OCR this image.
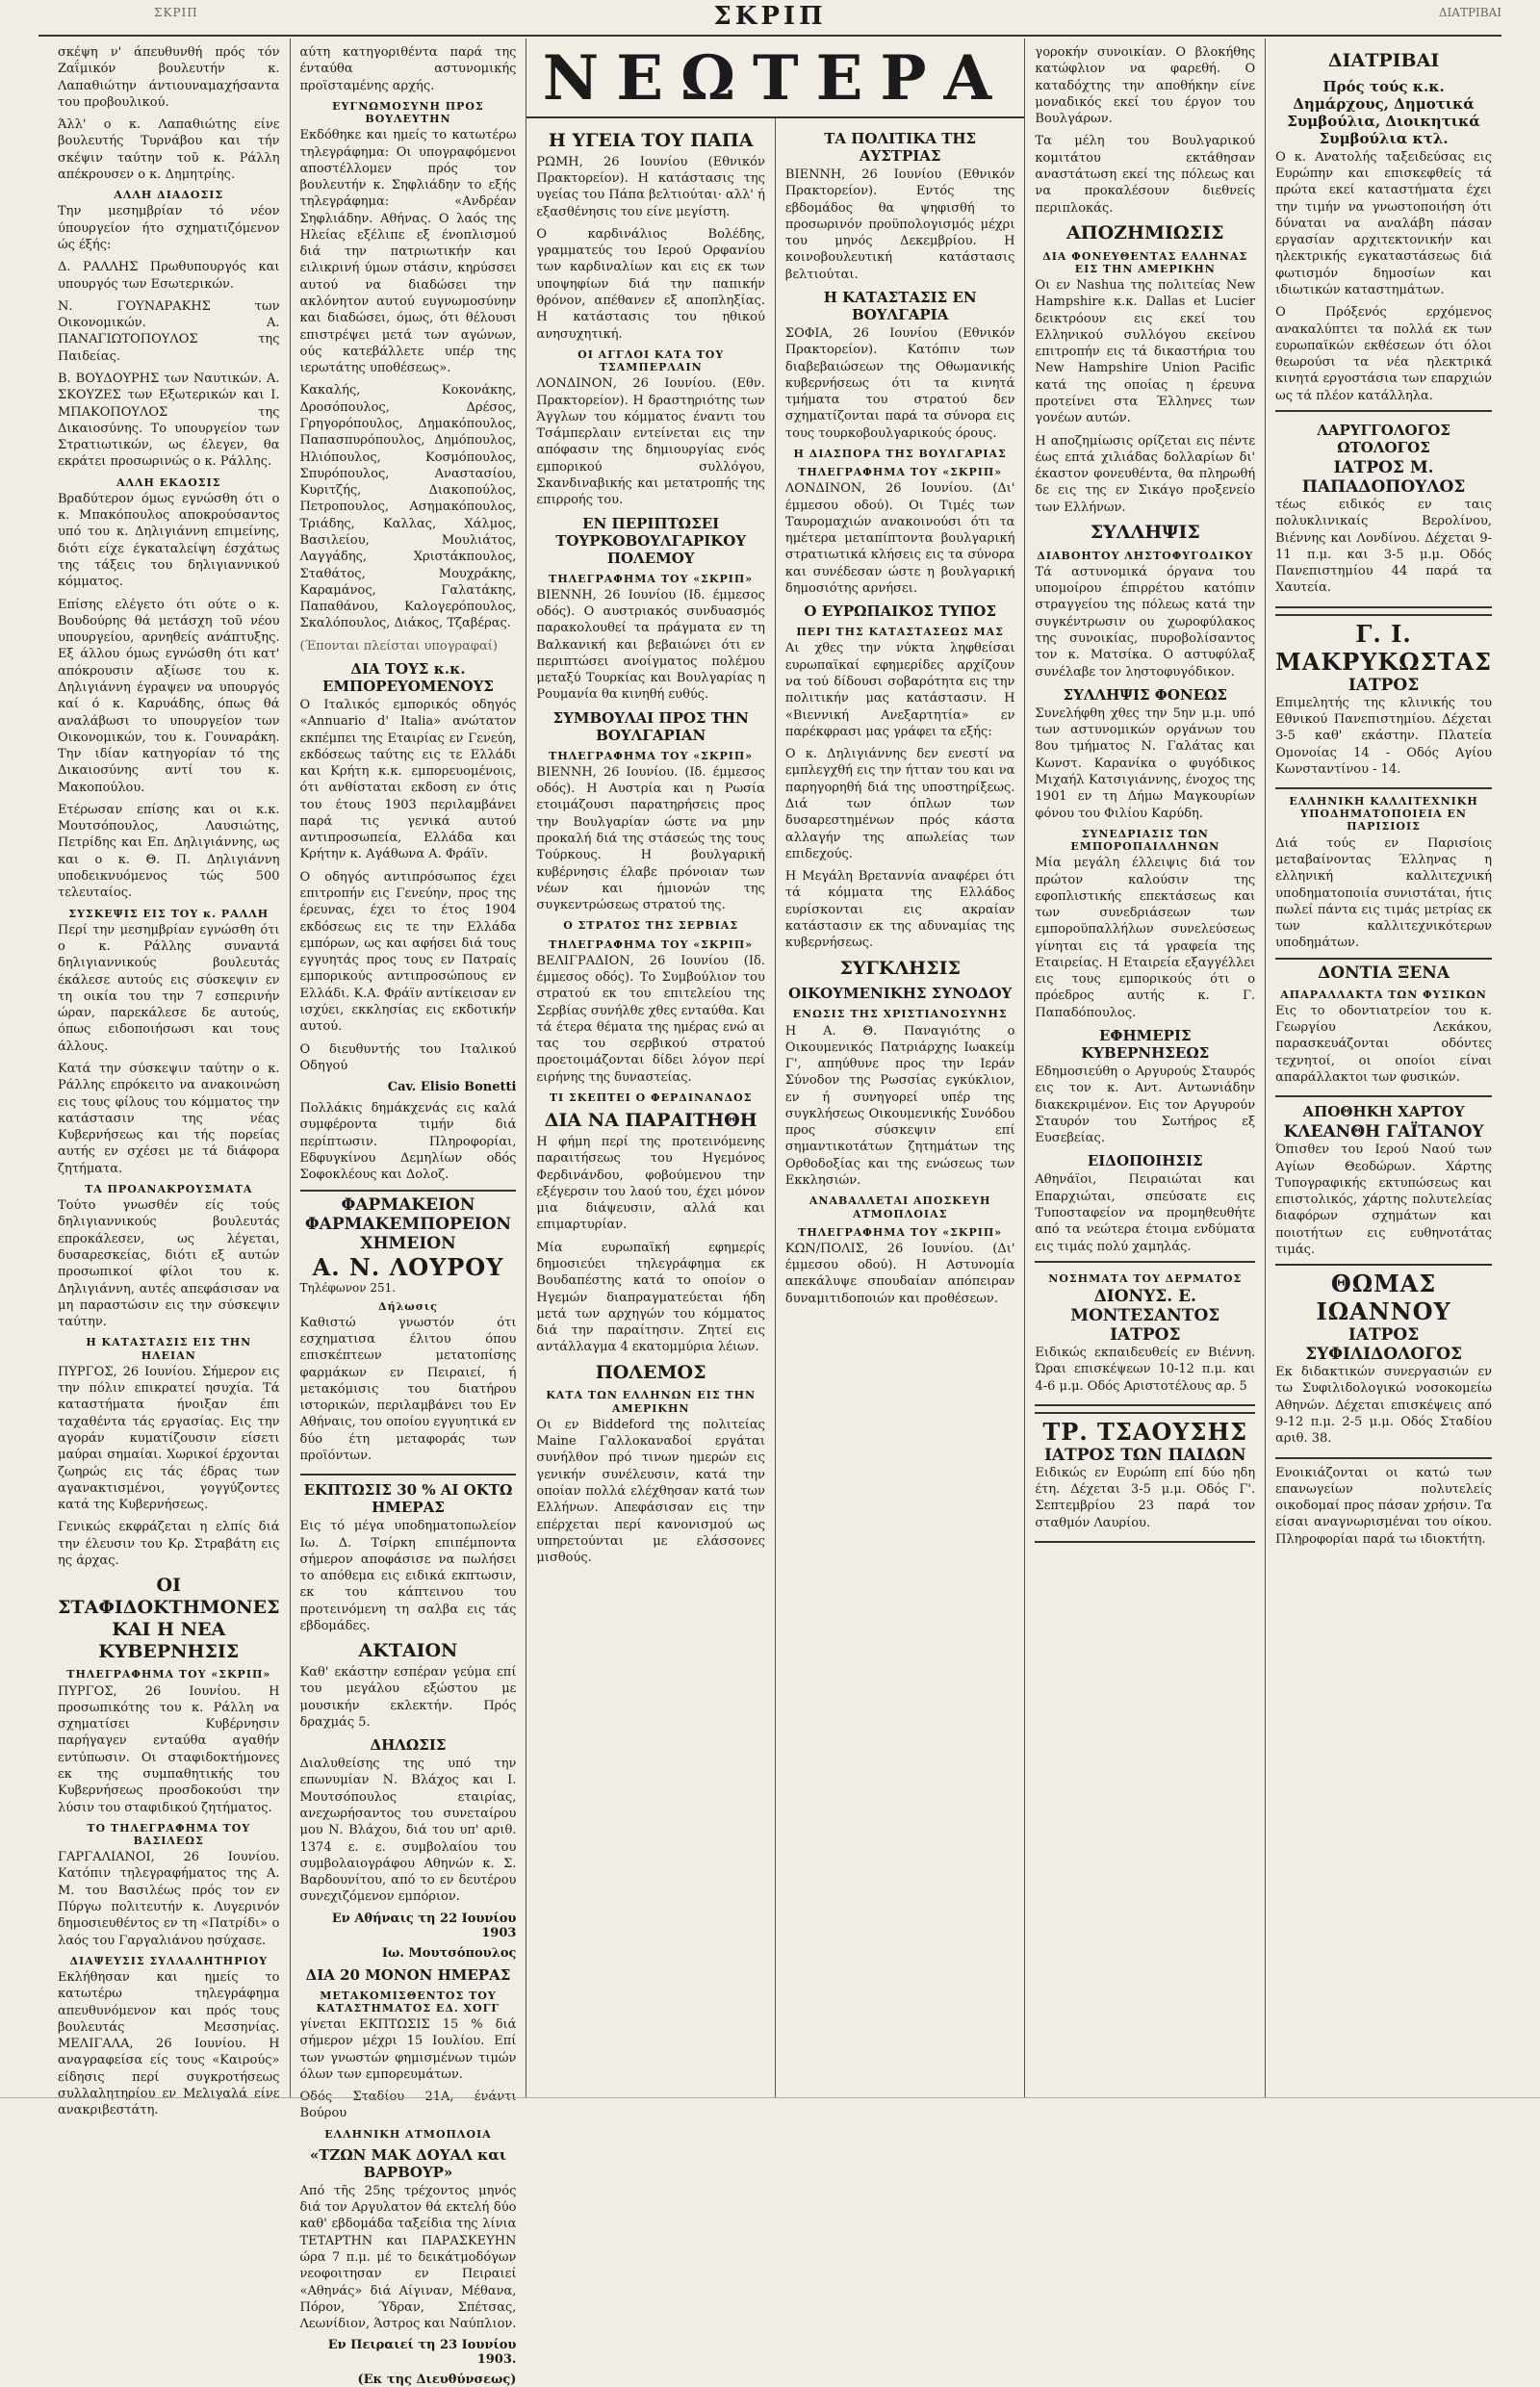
ΣΚΡΙΠ	ΣΚΡΙΠ	ΔΙΑΤΡΙΒΑΙ

σκέψη ν' άπευθυνθή πρός τόν Ζαΐμικόν βουλευτήν κ. Λαπαθιώτην άντιουναμαχήσαντα του προβουλικού.

Άλλ' ο κ. Λαπαθιώτης είνε βουλευτής Τυρνάβου και τήν σκέψιν ταύτην τοῦ κ. Ράλλη απέκρουσεν ο κ. Δημητρίης.

ΑΛΛΗ ΔΙΑΔΟΣΙΣ

Την μεσημβρίαν τό νέον ύπουργείον ήτο σχηματιζόμενον ώς έξής:

Δ. ΡΑΛΛΗΣ Πρωθυπουργός και υπουργός των Εσωτερικών.

Ν. ΓΟΥΝΑΡΑΚΗΣ των Οικονομικών. Α. ΠΑΝΑΓΙΩΤΟΠΟΥΛΟΣ της Παιδείας.

Β. ΒΟΥΔΟΥΡΗΣ των Ναυτικών. Α. ΣΚΟΥΖΕΣ των Εξωτερικών και Ι. ΜΠΑΚΟΠΟΥΛΟΣ της Δικαιοσύνης. Το υπουργείον των Στρατιωτικών, ως έλεγεν, θα εκράτει προσωρινώς ο κ. Ράλλης.

ΑΛΛΗ ΕΚΔΟΣΙΣ

Βραδύτερον όμως εγνώσθη ότι ο κ. Μπακόπουλος αποκρούσαντος υπό του κ. Δηλιγιάννη επιμείνης, διότι είχε έγκαταλείψη έσχάτως της τάξεις του δηλιγιαννικού κόμματος.

Επίσης ελέγετο ότι ούτε ο κ. Βουδούρης θά μετάσχη τοῦ νέου υπουργείου, αρνηθείς ανάπτυξης. Εξ άλλου όμως εγνώσθη ότι κατ' απόκρουσιν αξίωσε του κ. Δηλιγιάννη έγραψεν να υπουργός καί ό κ. Καρυάδης, όπως θά αναλάβωσι το υπουργείον των Οικονομικών, του κ. Γουναράκη. Την ιδίαν κατηγορίαν τό της Δικαιοσύνης αντί του κ. Μακοπούλου.

Ετέρωσαν επίσης και οι κ.κ. Μουτσόπουλος, Λαυσιώτης, Πετρίδης και Επ. Δηλιγιάννης, ως και ο κ. Θ. Π. Δηλιγιάννη υποδεικνυόμενος τώς 500 τελευταίος.

ΣΥΣΚΕΨΙΣ ΕΙΣ ΤΟΥ κ. ΡΑΛΛΗ

Περί την μεσημβρίαν εγνώσθη ότι ο κ. Ράλλης συναντά δηλιγιαννικούς βουλευτάς έκάλεσε αυτούς εις σύσκεψιν εν τη οικία του την 7 εσπερινήν ώραν, παρεκάλεσε δε αυτούς, όπως ειδοποιήσωσι και τους άλλους.

Κατά την σύσκεψιν ταύτην ο κ. Ράλλης επρόκειτο να ανακοινώση εις τους φίλους του κόμματος την κατάστασιν της νέας Κυβερνήσεως και τής πορείας αυτής εν σχέσει με τά διάφορα ζητήματα.

ΤΑ ΠΡΟΑΝΑΚΡΟΥΣΜΑΤΑ

Τούτο γνωσθέν είς τούς δηλιγιαννικούς βουλευτάς επροκάλεσεν, ως λέγεται, δυσαρεσκείας, διότι εξ αυτών προσωπικοί φίλοι του κ. Δηλιγιάννη, αυτές απεφάσισαν να μη παραστώσιν εις την σύσκεψιν ταύτην.

Η ΚΑΤΑΣΤΑΣΙΣ ΕΙΣ ΤΗΝ ΗΛΕΙΑΝ

ΠΥΡΓΟΣ, 26 Ιουνίου. Σήμερον εις την πόλιν επικρατεί ησυχία. Τά καταστήματα ήνοιξαν έπι ταχαθέντα τάς εργασίας. Εις την αγοράν κυματίζουσιν είσετι μαύραι σημαίαι. Χωρικοί έρχονται ζωηρώς εις τάς έδρας των αγανακτισμένοι, γογγύζοντες κατά της Κυβερνήσεως.

Γενικώς εκφράζεται η ελπίς διά την έλευσιν του Κρ. Στραβάτη εις ης άρχας.

ΟΙ ΣΤΑΦΙΔΟΚΤΗΜΟΝΕΣ ΚΑΙ Η ΝΕΑ ΚΥΒΕΡΝΗΣΙΣ
ΤΗΛΕΓΡΑΦΗΜΑ ΤΟΥ «ΣΚΡΙΠ»

ΠΥΡΓΟΣ, 26 Ιουνίου. Η προσωπικότης του κ. Ράλλη να σχηματίσει Κυβέρνησιν παρήγαγεν ενταύθα αγαθήν εντύπωσιν. Οι σταφιδοκτήμονες εκ της συμπαθητικής του Κυβερνήσεως προσδοκούσι την λύσιν του σταφιδικού ζητήματος.

ΤΟ ΤΗΛΕΓΡΑΦΗΜΑ ΤΟΥ ΒΑΣΙΛΕΩΣ

ΓΑΡΓΑΛΙΑΝΟΙ, 26 Ιουνίου. Κατόπιν τηλεγραφήματος της Α. Μ. του Βασιλέως πρός τον εν Πύργω πολιτευτήν κ. Λυγερινόν δημοσιευθέντος εν τη «Πατρίδι» ο λαός του Γαργαλιάνου ησύχασε.

ΔΙΑΨΕΥΣΙΣ ΣΥΛΛΑΛΗΤΗΡΙΟΥ

Εκλήθησαν και ημείς το κατωτέρω τηλεγράφημα απευθυνόμενον και πρός τους βουλευτάς Μεσσηνίας. ΜΕΛΙΓΑΛΑ, 26 Ιουνίου. Η αναγραφείσα είς τους «Καιρούς» είδησις περί συγκροτήσεως συλλαλητηρίου εν Μελιγαλά είνε ανακριβεστάτη.

αύτη κατηγοριθέντα παρά της ένταύθα αστυνομικής προϊσταμένης αρχής.

ΕΥΓΝΩΜΟΣΥΝΗ ΠΡΟΣ ΒΟΥΛΕΥΤΗΝ

Εκδόθηκε και ημείς το κατωτέρω τηλεγράφημα: Οι υπογραφόμενοι αποστέλλομεν πρός τον βουλευτήν κ. Σηφλιάδην το εξής τηλεγράφημα: «Ανδρέαν Σηφλιάδην. Αθήνας. Ο λαός της Ηλείας εξέλιπε εξ ένοπλισμού διά την πατριωτικήν και ειλικρινή ύμων στάσιν, κηρύσσει αυτού να διαδώσει την ακλόνητον αυτού ευγνωμοσύνην και διαδώσει, όμως, ότι θέλουσι επιστρέψει μετά των αγώνων, ούς κατεβάλλετε υπέρ της ιερωτάτης υποθέσεως».

Κακαλής, Κοκονάκης, Δροσόπουλος, Δρέσος, Γρηγορόπουλος, Δημακόπουλος, Παπασπυρόπουλος, Δημόπουλος, Ηλιόπουλος, Κοσμόπουλος, Σπυρόπουλος, Αναστασίου, Κυριτζής, Διακοπούλος, Πετροπουλος, Ασημακόπουλος, Τριάδης, Καλλας, Χάλμος, Βασιλείου, Μουλιάτος, Λαγγάδης, Χριστάκπουλος, Σταθάτος, Μουχράκης, Καραμάνος, Γαλατάκης, Παπαθάνου, Καλογερόπουλος, Σκαλόπουλος, Διάκος, Τζαβέρας.

(Έπονται πλείσται υπογραφαί)

ΔΙΑ ΤΟΥΣ κ.κ. ΕΜΠΟΡΕΥΟΜΕΝΟΥΣ

Ο Ιταλικός εμπορικός οδηγός «Annuario d' Italia» ανώτατον εκπέμπει της Εταιρίας εν Γενεύη, εκδόσεως ταύτης εις τε Ελλάδι και Κρήτη κ.κ. εμπορευομένοις, ότι ανθίσταται εκδοση εν ότις του έτους 1903 περιλαμβάνει παρά τις γενικά αυτού αντιπροσωπεία, Ελλάδα και Κρήτην κ. Αγάθωνα Α. Φράϊν.

Ο οδηγός αντιπρόσωπος έχει επιτροπήν εις Γενεύην, προς της έρευνας, έχει το έτος 1904 εκδόσεως εις τε την Ελλάδα εμπόρων, ως και αφήσει διά τους εγγυητάς προς τους εν Πατραίς εμπορικούς αντιπροσώπους εν Ελλάδι. Κ.Α. Φράϊν αντίκεισαν εν ισχύει, εκκλησίας εις εκδοτικήν αυτού.

Ο διευθυντής του Ιταλικού Οδηγού

Cav. Elisio Bonetti

Πολλάκις δημάκχενάς εις καλά συμφέροντα τιμήν διά περίπτωσιν. Πληροφορίαι, Εδφυγκίνου Δεμηλίων οδός Σοφοκλέους και Δολοζ.

ΦΑΡΜΑΚΕΙΟΝ
ΦΑΡΜΑΚΕΜΠΟΡΕΙΟΝ
ΧΗΜΕΙΟΝ
Α. Ν. ΛΟΥΡΟΥ
Τηλέφωνον 251.
Δήλωσις

Καθιστώ γνωστόν ότι εσχηματισα έλιτου όπου επισκέπτεων μετατοπίσης φαρμάκων εν Πειραιεί, ή μετακόμισις του διατήρου ιστορικών, περιλαμβάνει του Εν Αθήναις, του οποίου εγγυητικά εν δύο έτη μεταφοράς των προϊόντων.

ΕΚΠΤΩΣΙΣ 30 % ΑΙ ΟΚΤΩ ΗΜΕΡΑΣ

Εις τό μέγα υποδηματοπωλείον Ιω. Δ. Τσίρκη επιπέμποντα σήμερον αποφάσισε να πωλήσει το απόθεμα εις ειδικά εκπτωσιν, εκ του κάπτεινου του προτεινόμενη τη σαλβα εις τάς εβδομάδες.

ΑΚΤΑΙΟΝ

Καθ' εκάστην εσπέραν γεύμα επί του μεγάλου εξώστου με μουσικήν εκλεκτήν. Πρός δραχμάς 5.

ΔΗΛΩΣΙΣ

Διαλυθείσης της υπό την επωνυμίαν Ν. Βλάχος και Ι. Μουτσόπουλος εταιρίας, ανεχωρήσαντος του συνεταίρου μου Ν. Βλάχου, διά του υπ' αριθ. 1374 ε. ε. συμβολαίου του συμβολαιογράφου Αθηνών κ. Σ. Βαρδουνίτου, από το εν δευτέρου συνεχιζόμενον εμπόριον.

Εν Αθήναις τη 22 Ιουνίου 1903
Ιω. Μουτσόπουλος
ΔΙΑ 20 ΜΟΝΟΝ ΗΜΕΡΑΣ
ΜΕΤΑΚΟΜΙΣΘΕΝΤΟΣ ΤΟΥ ΚΑΤΑΣΤΗΜΑΤΟΣ ΕΔ. ΧΟΓΓ

γίνεται ΕΚΠΤΩΣΙΣ 15 % διά σήμερον μέχρι 15 Ιουλίου. Επί των γνωστών φημισμένων τιμών όλων των εμπορευμάτων.

Οδός Σταδίου 21Α, ένάντι Βούρου

ΕΛΛΗΝΙΚΗ ΑΤΜΟΠΛΟΙΑ
«ΤΖΩΝ ΜΑΚ ΔΟΥΑΛ και ΒΑΡΒΟΥΡ»

Από τῆς 25ης τρέχοντος μηνός διά τον Αργυλατον θά εκτελή δύο καθ' εβδομάδα ταξείδια της λίνια TETAPTHN και ΠΑΡΑΣΚΕΥΗΝ ώρα 7 π.μ. μέ το δεικάτμοδόγων νεοφοιτησαν εν Πειραιεί «Αθηνάς» διά Αίγιναν, Μέθανα, Πόρον, Ύδραν, Σπέτσας, Λεωνίδιον, Άστρος και Ναύπλιον.

Εν Πειραιεί τη 23 Ιουνίου 1903.
(Εκ της Διευθύνσεως)
ΝΕΩΤΕΡΑ
Η ΥΓΕΙΑ ΤΟΥ ΠΑΠΑ

ΡΩΜΗ, 26 Ιουνίου (Εθνικόν Πρακτορείον). Η κατάστασις της υγείας του Πάπα βελτιούται· αλλ' ή εξασθένησις του είνε μεγίστη.

Ο καρδινάλιος Βολέδης, γραμματεύς του Ιερού Ορφανίου των καρδιναλίων και εις εκ των υποψηφίων διά την παπικήν θρόνον, απέθανεν εξ αποπληξίας. Η κατάστασις του ηθικού ανησυχητική.

ΟΙ ΑΓΓΛΟΙ ΚΑΤΑ ΤΟΥ ΤΣΑΜΠΕΡΛΑΙΝ

ΛΟΝΔΙΝΟΝ, 26 Ιουνίου. (Εθν. Πρακτορείον). Η δραστηριότης των Άγγλων του κόμματος έναντι του Τσάμπερλαιν εντείνεται εις την απόφασιν της δημιουργίας ενός εμπορικού συλλόγου, Σκανδιναβικής και μετατροπής της επιρροής του.

ΕΝ ΠΕΡΙΠΤΩΣΕΙ ΤΟΥΡΚΟΒΟΥΛΓΑΡΙΚΟΥ ΠΟΛΕΜΟΥ
ΤΗΛΕΓΡΑΦΗΜΑ ΤΟΥ «ΣΚΡΙΠ»

ΒΙΕΝΝΗ, 26 Ιουνίου (Ιδ. έμμεσος οδός). Ο αυστριακός συνδυασμός παρακολουθεί τα πράγματα εν τη Βαλκανική και βεβαιώνει ότι εν περιπτώσει ανοίγματος πολέμου μεταξύ Τουρκίας και Βουλγαρίας η Ρουμανία θα κινηθή ευθύς.

ΣΥΜΒΟΥΛΑΙ ΠΡΟΣ ΤΗΝ ΒΟΥΛΓΑΡΙΑΝ
ΤΗΛΕΓΡΑΦΗΜΑ ΤΟΥ «ΣΚΡΙΠ»

ΒΙΕΝΝΗ, 26 Ιουνίου. (Ιδ. έμμεσος οδός). Η Αυστρία και η Ρωσία ετοιμάζουσι παρατηρήσεις προς την Βουλγαρίαν ώστε να μην προκαλή διά της στάσεώς της τους Τούρκους. Η βουλγαρική κυβέρνησις έλαβε πρόνοιαν των νέων και ήμιονών της συγκεντρώσεως στρατού της.

Ο ΣΤΡΑΤΟΣ ΤΗΣ ΣΕΡΒΙΑΣ
ΤΗΛΕΓΡΑΦΗΜΑ ΤΟΥ «ΣΚΡΙΠ»

ΒΕΛΙΓΡΑΔΙΟΝ, 26 Ιουνίου (Ιδ. έμμεσος οδός). Το Συμβούλιον του στρατού εκ του επιτελείου της Σερβίας συνήλθε χθες ενταύθα. Και τά έτερα θέματα της ημέρας ενώ αι τας του σερβικού στρατού προετοιμάζονται δίδει λόγον περί ειρήνης της δυναστείας.

ΤΙ ΣΚΕΠΤΕΙ Ο ΦΕΡΔΙΝΑΝΔΟΣ
ΔΙΑ ΝΑ ΠΑΡΑΙΤΗΘΗ

Η φήμη περί της προτεινόμενης παραιτήσεως του Ηγεμόνος Φερδινάνδου, φοβούμενου την εξέγερσιν του λαού του, έχει μόνον μια διάψευσιν, αλλά και επιμαρτυρίαν.

Μία ευρωπαϊκή εφημερίς δημοσιεύει τηλεγράφημα εκ Βουδαπέστης κατά το οποίον ο Ηγεμών διαπραγματεύεται ήδη μετά των αρχηγών του κόμματος διά την παραίτησιν. Ζητεί εις αντάλλαγμα 4 εκατομμύρια λέιων.

ΠΟΛΕΜΟΣ
ΚΑΤΑ ΤΩΝ ΕΛΛΗΝΩΝ ΕΙΣ ΤΗΝ ΑΜΕΡΙΚΗΝ

Οι εν Biddeford της πολιτείας Maine Γαλλοκαναδοί εργάται συνήλθον πρό τινων ημερών εις γενικήν συνέλευσιν, κατά την οποίαν πολλά ελέχθησαν κατά των Ελλήνων. Απεφάσισαν εις την επέρχεται περί κανονισμού ως υπηρετούνται με ελάσσονες μισθούς.

ΤΑ ΠΟΛΙΤΙΚΑ ΤΗΣ ΑΥΣΤΡΙΑΣ

ΒΙΕΝΝΗ, 26 Ιουνίου (Εθνικόν Πρακτορείον). Εντός της εβδομάδος θα ψηφισθή το προσωρινόν προϋπολογισμός μέχρι του μηνός Δεκεμβρίου. Η κοινοβουλευτική κατάστασις βελτιούται.

Η ΚΑΤΑΣΤΑΣΙΣ ΕΝ ΒΟΥΛΓΑΡΙΑ

ΣΟΦΙΑ, 26 Ιουνίου (Εθνικόν Πρακτορείον). Κατόπιν των διαβεβαιώσεων της Οθωμανικής κυβερνήσεως ότι τα κινητά τμήματα του στρατού δεν σχηματίζονται παρά τα σύνορα εις τους τουρκοβουλγαρικούς όρους.

Η ΔΙΑΣΠΟΡΑ ΤΗΣ ΒΟΥΛΓΑΡΙΑΣ
ΤΗΛΕΓΡΑΦΗΜΑ ΤΟΥ «ΣΚΡΙΠ»

ΛΟΝΔΙΝΟΝ, 26 Ιουνίου. (Δι' έμμεσου οδού). Οι Τιμές των Ταυρομαχιών ανακοινούσι ότι τα ημέτερα μεταπίπτοντα βουλγαρική στρατιωτικά κλήσεις εις τα σύνορα και συνέδεσαν ώστε η βουλγαρική δημοσιότης αρνήσει.

Ο ΕΥΡΩΠΑΙΚΟΣ ΤΥΠΟΣ
ΠΕΡΙ ΤΗΣ ΚΑΤΑΣΤΑΣΕΩΣ ΜΑΣ

Αι χθες την νύκτα ληφθείσαι ευρωπαϊκαί εφημερίδες αρχίζουν να τού δίδουσι σοβαρότητα εις την πολιτικήν μας κατάστασιν. Η «Βιεννική Ανεξαρτητία» εν παρέκφρασι μας γράφει τα εξής:

Ο κ. Δηλιγιάννης δεν ενεστί να εμπλεγχθή εις την ήτταν του και να παρηγορηθή διά της υποστηρίξεως. Διά των όπλων των δυσαρεστημένων πρός κάστα αλλαγήν της απωλείας των επιδεχούς.

Η Μεγάλη Βρεταννία αναφέρει ότι τά κόμματα της Ελλάδος ευρίσκονται εις ακραίαν κατάστασιν εκ της αδυναμίας της κυβερνήσεως.

ΣΥΓΚΛΗΣΙΣ
ΟΙΚΟΥΜΕΝΙΚΗΣ ΣΥΝΟΔΟΥ
ΕΝΩΣΙΣ ΤΗΣ ΧΡΙΣΤΙΑΝΟΣΥΝΗΣ

Η Α. Θ. Παναγιότης ο Οικουμενικός Πατριάρχης Ιωακείμ Γ', απηύθυνε προς την Ιεράν Σύνοδον της Ρωσσίας εγκύκλιον, εν ή συνηγορεί υπέρ της συγκλήσεως Οικουμενικής Συνόδου προς σύσκεψιν επί σημαντικοτάτων ζητημάτων της Ορθοδοξίας και της ενώσεως των Εκκλησιών.

ΑΝΑΒΑΛΛΕΤΑΙ ΑΠΟΣΚΕΥΗ ΑΤΜΟΠΛΟΙΑΣ
ΤΗΛΕΓΡΑΦΗΜΑ ΤΟΥ «ΣΚΡΙΠ»

ΚΩΝ/ΠΟΛΙΣ, 26 Ιουνίου. (Δι' έμμεσου οδού). Η Αστυνομία απεκάλυψε σπουδαίαν απόπειραν δυναμιτιδοποιών και προθέσεων.

γοροκήν συνοικίαν. Ο βλοκήθης κατώφλιον να φαρεθή. Ο καταδόχτης την αποθήκην είνε μοναδικός εκεί του έργον του Βουλγάρων.

Τα μέλη του Βουλγαρικού κομιτάτου εκτάθησαν αναστάτωση εκεί της πόλεως και να προκαλέσουν διεθνείς περιπλοκάς.

ΑΠΟΖΗΜΙΩΣΙΣ
ΔΙΑ ΦΟΝΕΥΘΕΝΤΑΣ ΕΛΛΗΝΑΣ ΕΙΣ ΤΗΝ ΑΜΕΡΙΚΗΝ

Οι εν Nashua της πολιτείας New Hampshire κ.κ. Dallas et Lucier δεικτρόουν εις εκεί του Ελληνικού συλλόγου εκείνου επιτροπήν εις τά δικαστήρια του New Hampshire Union Pacific κατά της οποίας η έρευνα προτείνει στα Έλληνες των γονέων αυτών.

Η αποζημίωσις ορίζεται εις πέντε έως επτά χιλιάδας δολλαρίων δι' έκαστον φονευθέντα, θα πληρωθή δε εις της εν Σικάγο προξενείο των Ελλήνων.

ΣΥΛΛΗΨΙΣ
ΔΙΑΒΟΗΤΟΥ ΛΗΣΤΟΦΥΓΟΔΙΚΟΥ

Τά αστυνομικά όργανα του υπομοίρου έπιρρέτου κατόπιν στραγγείου της πόλεως κατά την συγκέντρωσιν ου χωροφύλακος της συνοικίας, πυροβολίσαντος τον κ. Ματσίκα. Ο αστυφύλαξ συνέλαβε τον ληστοφυγόδικον.

ΣΥΛΛΗΨΙΣ ΦΟΝΕΩΣ

Συνελήφθη χθες την 5ην μ.μ. υπό των αστυνομικών οργάνων του 8ου τμήματος Ν. Γαλάτας και Κωνστ. Καρανίκα ο φυγόδικος Μιχαήλ Κατσιγιάννης, ένοχος της 1901 εν τη Δήμω Μαγκουρίων φόνου του Φιλίου Καρύδη.

ΣΥΝΕΔΡΙΑΣΙΣ ΤΩΝ ΕΜΠΟΡΟΠΑΙΛΛΗΝΩΝ

Μία μεγάλη έλλειψις διά τον πρώτον καλούσιν της εφοπλιστικής επεκτάσεως και των συνεδριάσεων των εμποροϋπαλλήλων συνελεύσεως γίνηται εις τά γραφεία της Εταιρείας. Η Εταιρεία εξαγγέλλει εις τους εμπορικούς ότι ο πρόεδρος αυτής κ. Γ. Παπαδόπουλος.

ΕΦΗΜΕΡΙΣ ΚΥΒΕΡΝΗΣΕΩΣ

Εδημοσιεύθη ο Αργυρούς Σταυρός εις τον κ. Αντ. Αντωνιάδην διακεκριμένον. Εις τον Αργυρούν Σταυρόν του Σωτήρος εξ Ευσεβείας.

ΕΙΔΟΠΟΙΗΣΙΣ

Αθηνάϊοι, Πειραιώται και Επαρχιώται, σπεύσατε εις Τυποσταφείον να προμηθευθήτε από τα νεώτερα έτοιμα ενδύματα εις τιμάς πολύ χαμηλάς.

ΝΟΣΗΜΑΤΑ ΤΟΥ ΔΕΡΜΑΤΟΣ
ΔΙΟΝΥΣ. Ε. ΜΟΝΤΕΣΑΝΤΟΣ ΙΑΤΡΟΣ

Ειδικώς εκπαιδευθείς εν Βιέννη. Ώραι επισκέψεων 10-12 π.μ. και 4-6 μ.μ. Οδός Αριστοτέλους αρ. 5

ΤΡ. ΤΣΑΟΥΣΗΣ
ΙΑΤΡΟΣ ΤΩΝ ΠΑΙΔΩΝ

Ειδικώς εν Ευρώπη επί δύο ηδη έτη. Δέχεται 3-5 μ.μ. Οδός Γ'. Σεπτεμβρίου 23 παρά τον σταθμόν Λαυρίου.

ΔΙΑΤΡΙΒΑΙ
Πρός τούς κ.κ. Δημάρχους, Δημοτικά Συμβούλια, Διοικητικά Συμβούλια κτλ.

Ο κ. Ανατολής ταξειδεύσας εις Ευρώπην και επισκεφθείς τά πρώτα εκεί καταστήματα έχει την τιμήν να γνωστοποιήση ότι δύναται να αναλάβη πάσαν εργασίαν αρχιτεκτονικήν και ηλεκτρικής εγκαταστάσεως διά φωτισμόν δημοσίων και ιδιωτικών καταστημάτων.

Ο Πρόξενός ερχόμενος ανακαλύπτει τα πολλά εκ των ευρωπαϊκών εκθέσεων ότι όλοι θεωρούσι τα νέα ηλεκτρικά κινητά εργοστάσια των επαρχιών ως τά πλέον κατάλληλα.

ΛΑΡΥΓΓΟΛΟΓΟΣ ΩΤΟΛΟΓΟΣ
ΙΑΤΡΟΣ Μ. ΠΑΠΑΔΟΠΟΥΛΟΣ

τέως ειδικός εν ταις πολυκλινικαίς Βερολίνου, Βιέννης και Λονδίνου. Δέχεται 9-11 π.μ. και 3-5 μ.μ. Οδός Πανεπιστημίου 44 παρά τα Χαυτεία.

Γ. Ι. ΜΑΚΡΥΚΩΣΤΑΣ
ΙΑΤΡΟΣ

Επιμελητής της κλινικής του Εθνικού Πανεπιστημίου. Δέχεται 3-5 καθ' εκάστην. Πλατεία Ομονοίας 14 - Οδός Αγίου Κωνσταντίνου - 14.

ΕΛΛΗΝΙΚΗ ΚΑΛΛΙΤΕΧΝΙΚΗ ΥΠΟΔΗΜΑΤΟΠΟΙΕΙΑ ΕΝ ΠΑΡΙΣΙΟΙΣ

Διά τούς εν Παρισίοις μεταβαίνοντας Έλληνας η ελληνική καλλιτεχνική υποδηματοποιία συνιστάται, ήτις πωλεί πάντα εις τιμάς μετρίας εκ των καλλιτεχνικότερων υποδημάτων.

ΔΟΝΤΙΑ ΞΕΝΑ
ΑΠΑΡΑΛΛΑΚΤΑ ΤΩΝ ΦΥΣΙΚΩΝ

Εις το οδοντιατρείον του κ. Γεωργίου Λεκάκου, παρασκευάζονται οδόντες τεχνητοί, οι οποίοι είναι απαράλλακτοι των φυσικών.

ΑΠΟΘΗΚΗ ΧΑΡΤΟΥ
ΚΛΕΑΝΘΗ ΓΑΪΤΑΝΟΥ

Όπισθεν του Ιερού Ναού των Αγίων Θεοδώρων. Χάρτης Τυπογραφικής εκτυπώσεως και επιστολικός, χάρτης πολυτελείας διαφόρων σχημάτων και ποιοτήτων εις ευθηνοτάτας τιμάς.

ΘΩΜΑΣ ΙΩΑΝΝΟΥ
ΙΑΤΡΟΣ ΣΥΦΙΛΙΔΟΛΟΓΟΣ

Εκ διδακτικών συνεργασιών εν τω Συφιλιδολογικώ νοσοκομείω Αθηνών. Δέχεται επισκέψεις από 9-12 π.μ. 2-5 μ.μ. Οδός Σταδίου αριθ. 38.

Ενοικιάζονται οι κατώ των επανωγείων πολυτελείς οικοδομαί προς πάσαν χρήσιν. Τα είσαι αναγνωρισμέναι του οίκου. Πληροφορίαι παρά τω ιδιοκτήτη.
